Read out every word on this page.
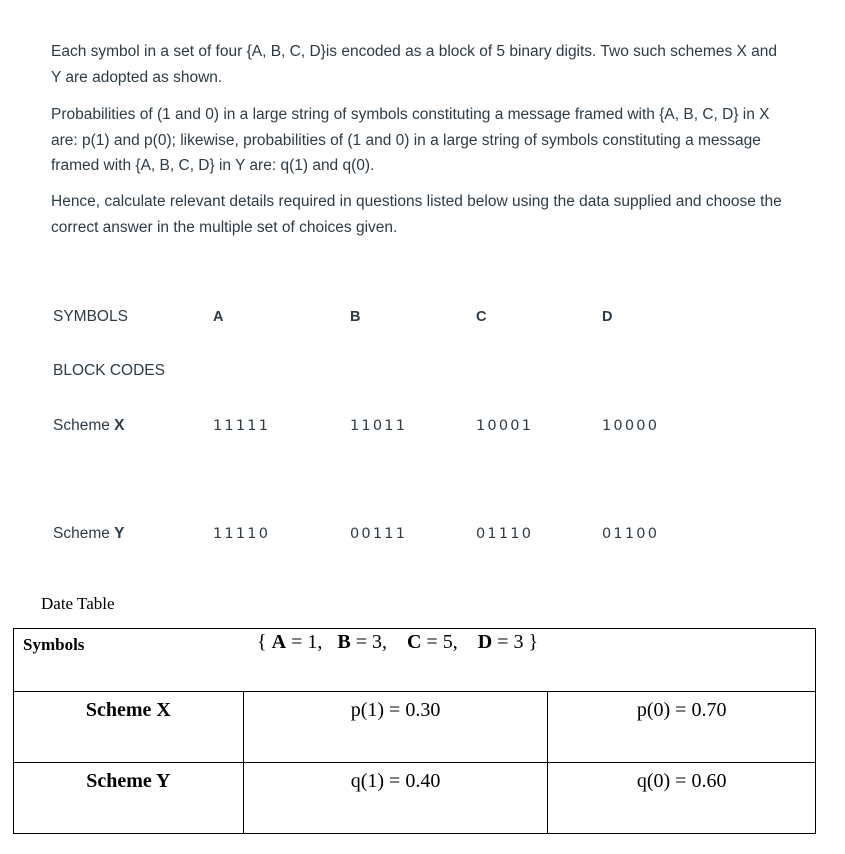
Each symbol in a set of four {A, B, C, D}is encoded as a block of 5 binary digits. Two such schemes X and Y are adopted as shown.

Probabilities of (1 and 0) in a large string of symbols constituting a message framed with {A, B, C, D} in X are: p(1) and p(0); likewise, probabilities of (1 and 0) in a large string of symbols constituting a message framed with {A, B, C, D} in Y are: q(1) and q(0).

Hence, calculate relevant details required in questions listed below using the data supplied and choose the correct answer in the multiple set of choices given.

SYMBOLS	A	B	C	D
BLOCK CODES
Scheme X	11111	11011	10001	10000
Scheme Y	11110	00111	01110	01100
Date Table
Symbols { A = 1,   B = 3,    C = 5,    D = 3 }		

Scheme X	p(1) = 0.30	p(0) = 0.70
Scheme Y	q(1) = 0.40	q(0) = 0.60
